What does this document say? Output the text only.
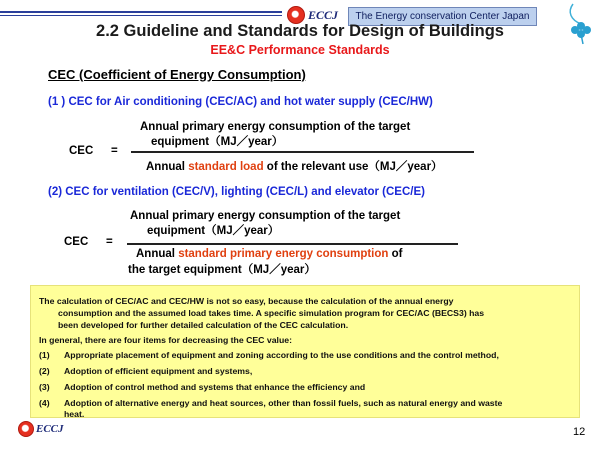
ECCJ	The Energy conservation Center Japan
2.2 Guideline and Standards for Design of Buildings
EE&C Performance Standards
CEC (Coefficient of Energy Consumption)
(1 ) CEC for Air conditioning (CEC/AC) and hot water supply (CEC/HW)
Annual primary energy consumption of the target
equipment（MJ／year）
CEC =
Annual standard load of the relevant use（MJ／year）
(2) CEC for ventilation (CEC/V), lighting (CEC/L) and elevator (CEC/E)
Annual primary energy consumption of the target
equipment（MJ／year）
CEC =
Annual standard primary energy consumption of
the target equipment（MJ／year）
The calculation of CEC/AC and CEC/HW is not so easy, because the calculation of the annual energy
consumption and the assumed load takes time. A specific simulation program for CEC/AC (BECS3) has
been developed for further detailed calculation of the CEC calculation.
In general, there are four items for decreasing the CEC value:
(1) Appropriate placement of equipment and zoning according to the use conditions and the control method,
(2) Adoption of efficient equipment and systems,
(3) Adoption of control method and systems that enhance the efficiency and
(4) Adoption of alternative energy and heat sources, other than fossil fuels, such as natural energy and waste
heat.
ECCJ	12
